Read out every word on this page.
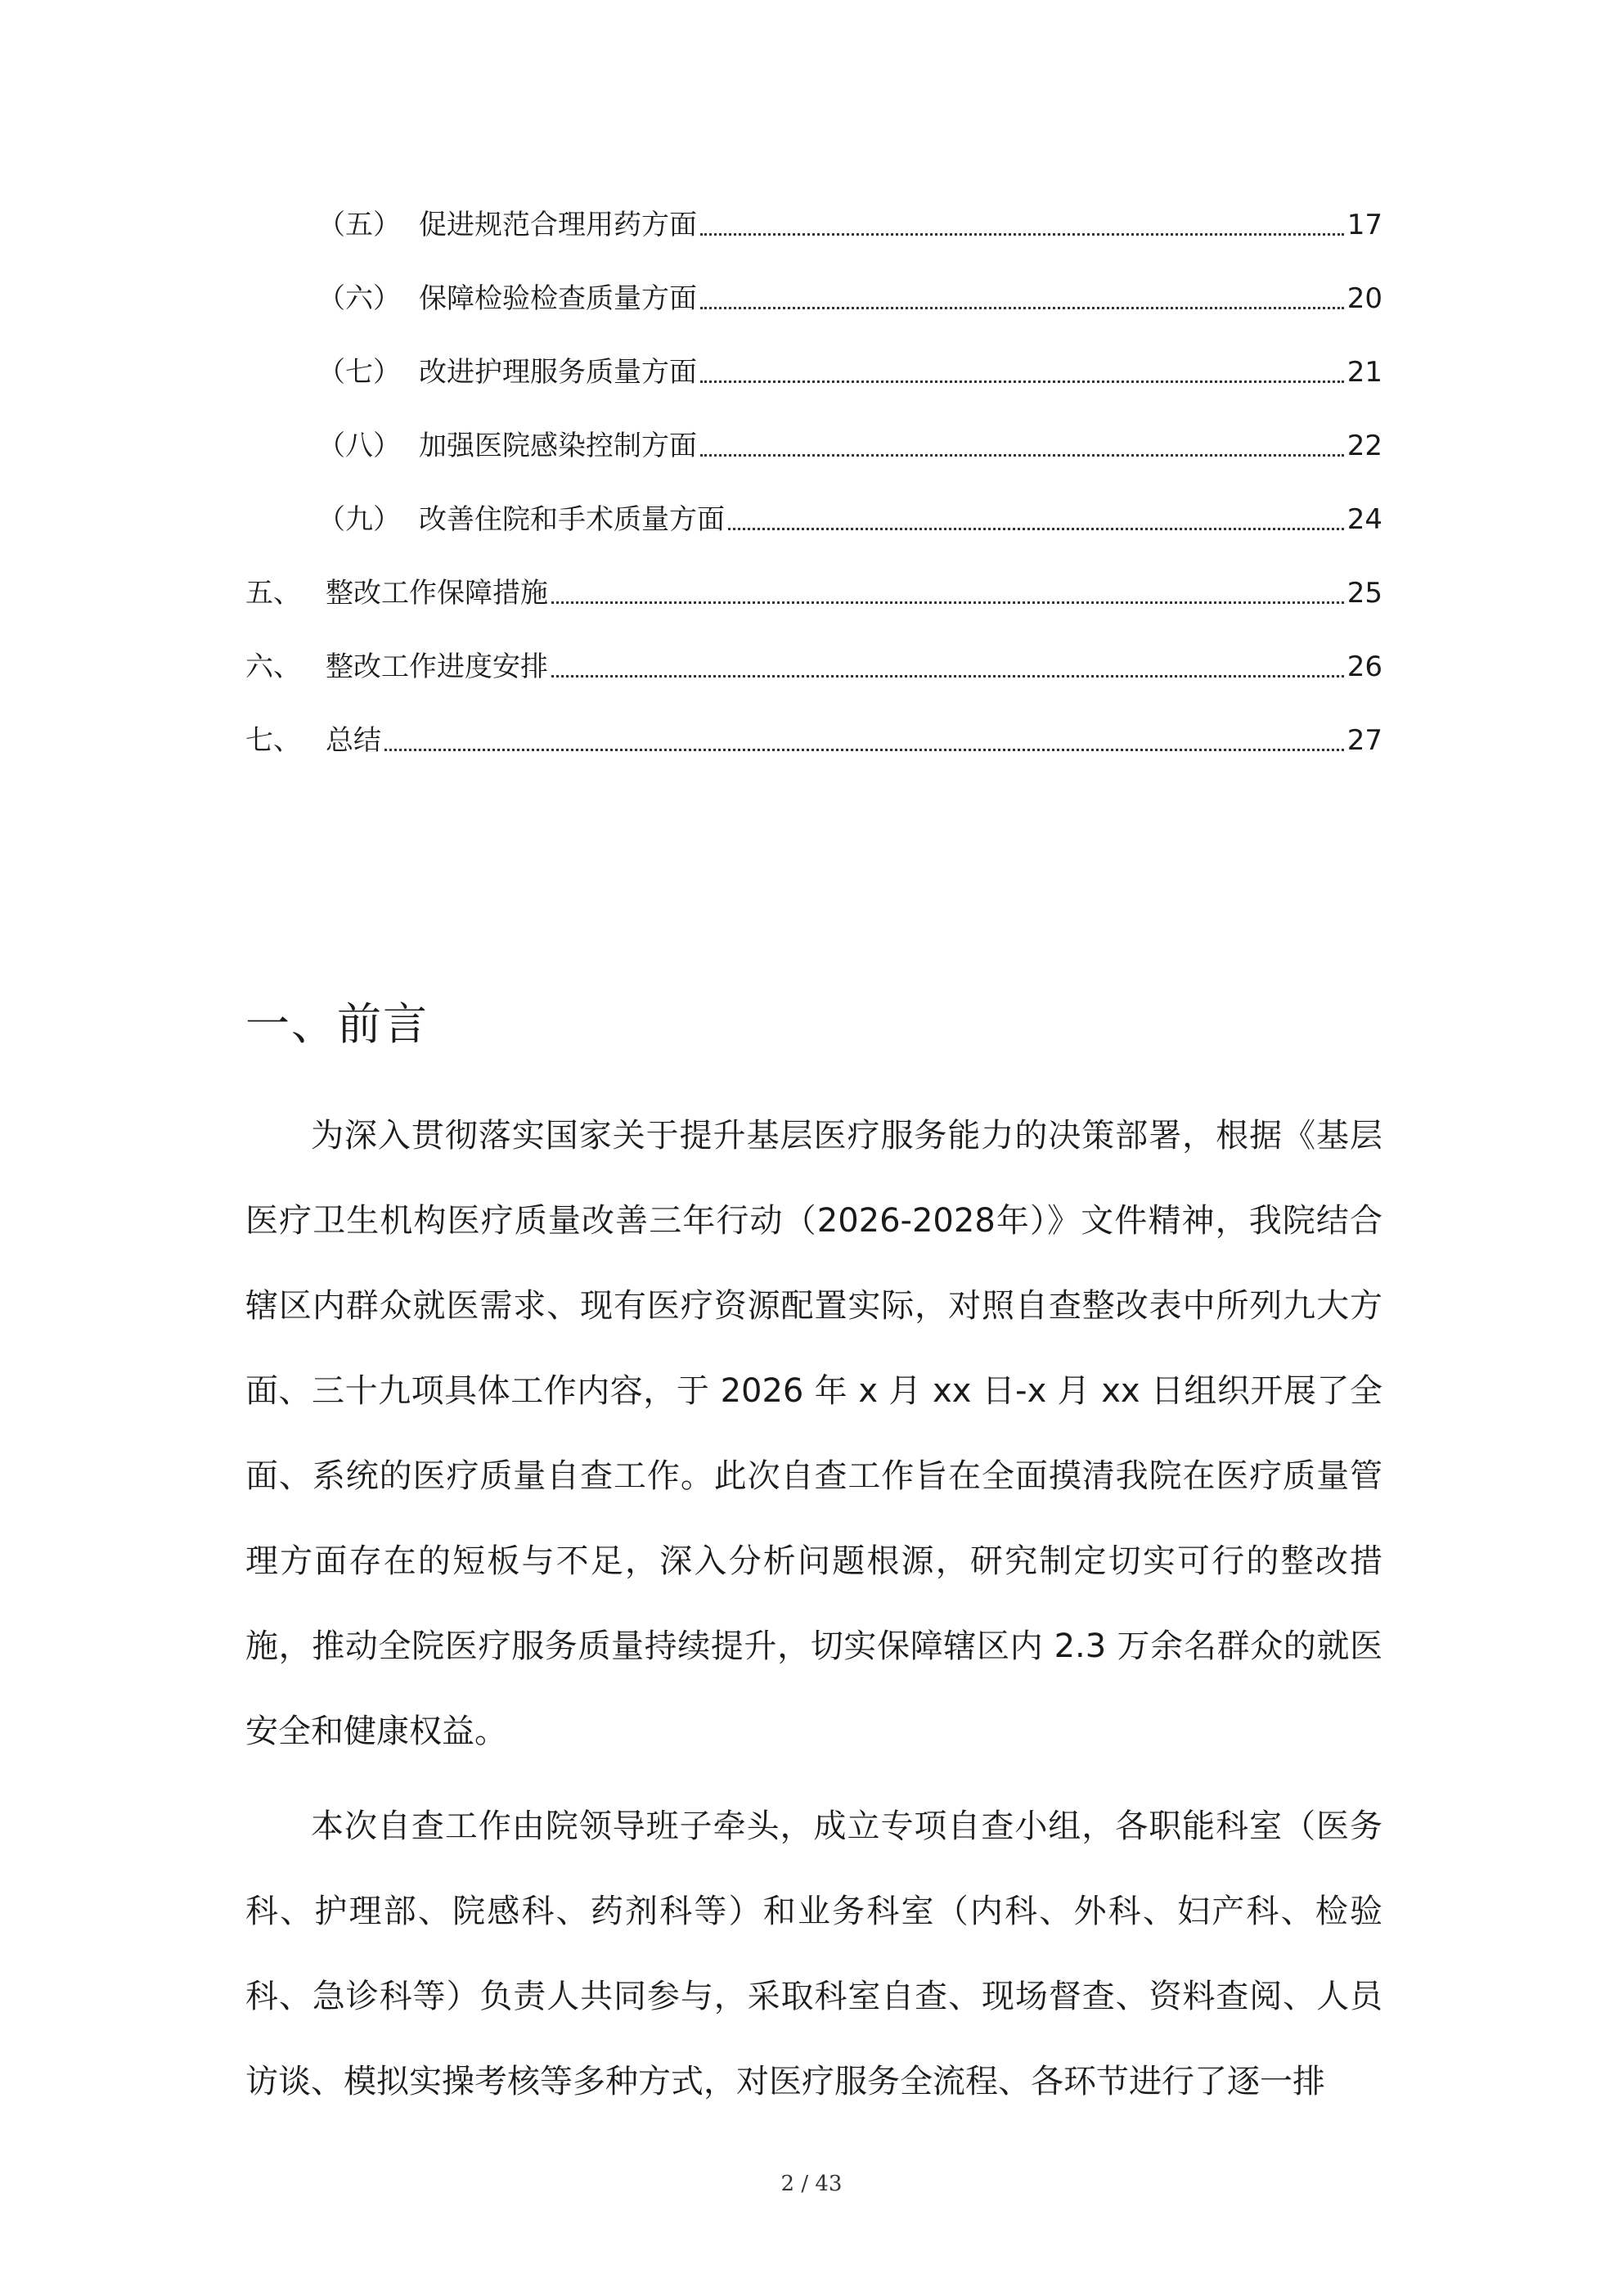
（五） 促进规范合理用药方面	17
（六） 保障检验检查质量方面	20
（七） 改进护理服务质量方面	21
（八） 加强医院感染控制方面	22
（九） 改善住院和手术质量方面	24
五、 整改工作保障措施	25
六、 整改工作进度安排	26
七、 总结	27
一、前言

为深入贯彻落实国家关于提升基层医疗服务能力的决策部署，根据《基层医疗卫生机构医疗质量改善三年行动（2026-2028年）》文件精神，我院结合辖区内群众就医需求、现有医疗资源配置实际，对照自查整改表中所列九大方面、三十九项具体工作内容，于 2026 年 x 月 xx 日-x 月 xx 日组织开展了全面、系统的医疗质量自查工作。此次自查工作旨在全面摸清我院在医疗质量管理方面存在的短板与不足，深入分析问题根源，研究制定切实可行的整改措施，推动全院医疗服务质量持续提升，切实保障辖区内 2.3 万余名群众的就医安全和健康权益。

本次自查工作由院领导班子牵头，成立专项自查小组，各职能科室（医务科、护理部、院感科、药剂科等）和业务科室（内科、外科、妇产科、检验科、急诊科等）负责人共同参与，采取科室自查、现场督查、资料查阅、人员访谈、模拟实操考核等多种方式，对医疗服务全流程、各环节进行了逐一排

2 / 43
